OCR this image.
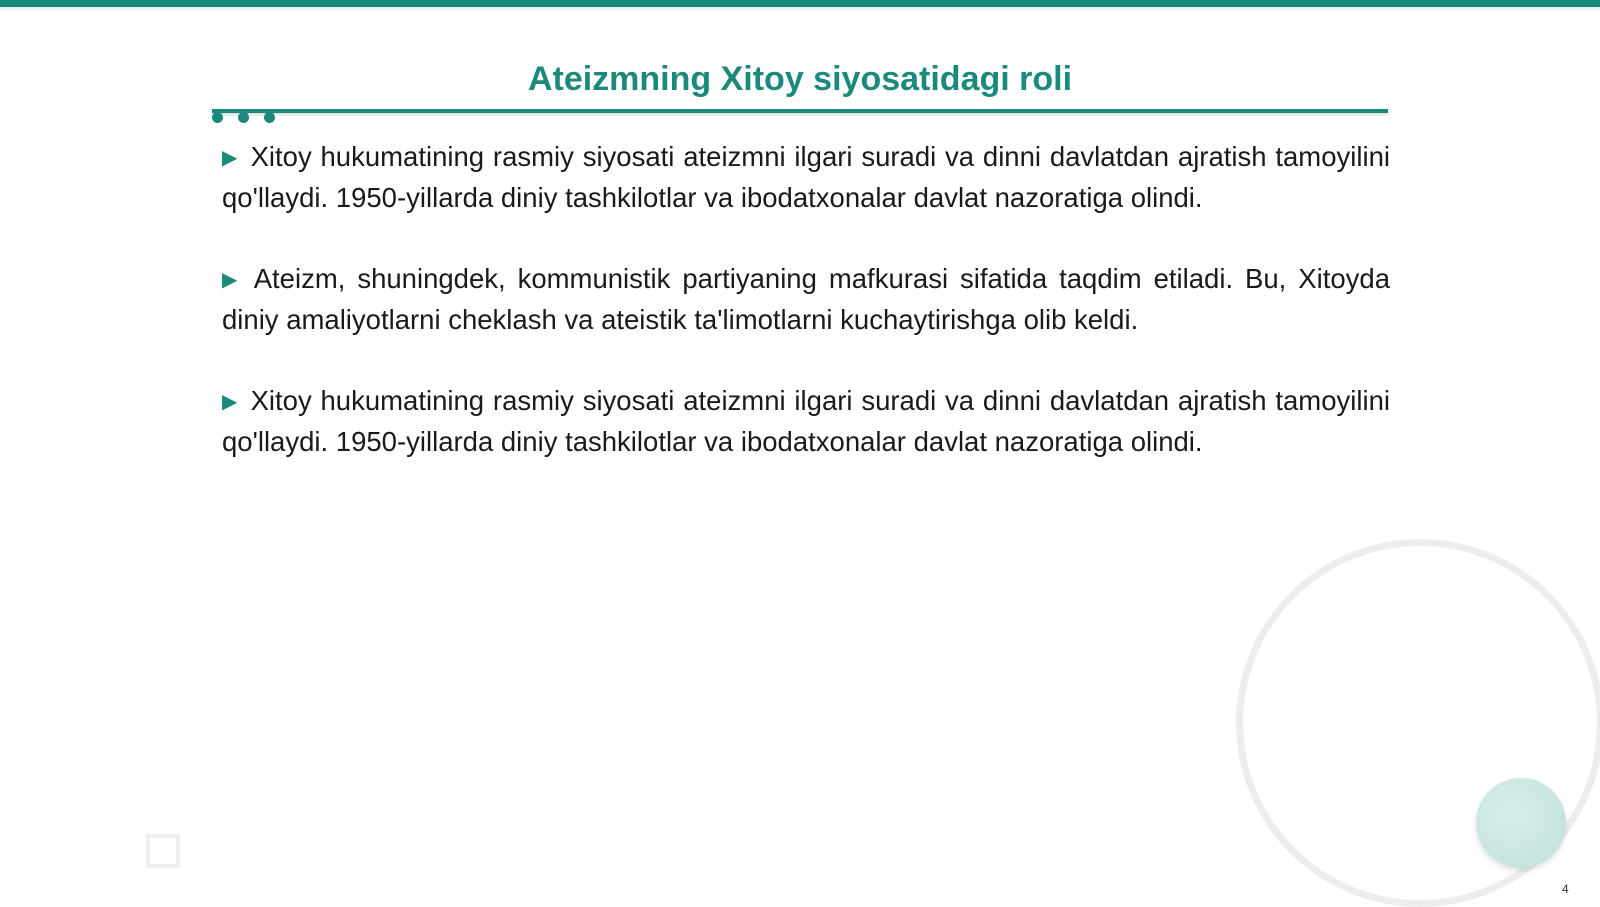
Ateizmning Xitoy siyosatidagi roli

▶ Xitoy hukumatining rasmiy siyosati ateizmni ilgari suradi va dinni davlatdan ajratish tamoyilini qo'llaydi. 1950-yillarda diniy tashkilotlar va ibodatxonalar davlat nazoratiga olindi.

▶ Ateizm, shuningdek, kommunistik partiyaning mafkurasi sifatida taqdim etiladi. Bu, Xitoyda diniy amaliyotlarni cheklash va ateistik ta'limotlarni kuchaytirishga olib keldi.

▶ Xitoy hukumatining rasmiy siyosati ateizmni ilgari suradi va dinni davlatdan ajratish tamoyilini qo'llaydi. 1950-yillarda diniy tashkilotlar va ibodatxonalar davlat nazoratiga olindi.

4
